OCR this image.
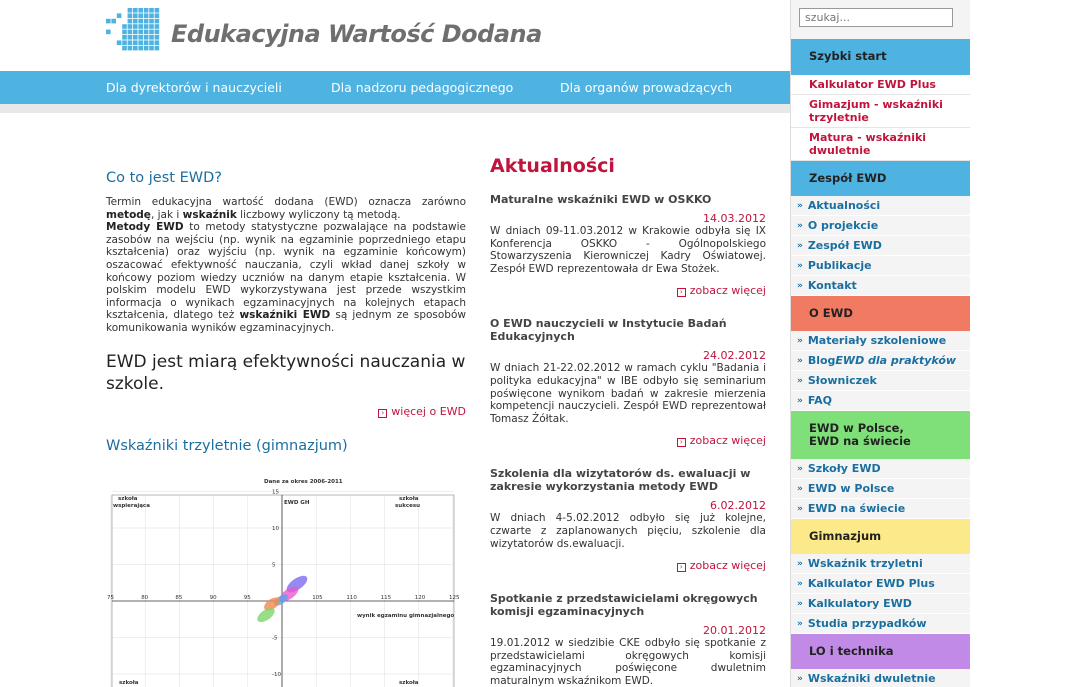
Edukacyjna Wartość Dodana
Dla dyrektorów i nauczycieli	Dla nadzoru pedagogicznego	Dla organów prowadzących
Co to jest EWD?

Termin edukacyjna wartość dodana (EWD) oznacza zarówno metodę, jak i wskaźnik liczbowy wyliczony tą metodą.
Metody EWD to metody statystyczne pozwalające na podstawie zasobów na wejściu (np. wynik na egzaminie poprzedniego etapu kształcenia) oraz wyjściu (np. wynik na egzaminie końcowym) oszacować efektywność nauczania, czyli wkład danej szkoły w końcowy poziom wiedzy uczniów na danym etapie kształcenia. W polskim modelu EWD wykorzystywana jest przede wszystkim informacja o wynikach egzaminacyjnych na kolejnych etapach kształcenia, dlatego też wskaźniki EWD są jednym ze sposobów komunikowania wyników egzaminacyjnych.

EWD jest miarą efektywności nauczania w szkole.
› więcej o EWD
Wskaźniki trzyletnie (gimnazjum)
Dane za okres 2006-2011
75	80	85	90	95	105	110	115	120	125
15
10
5
-5
-10
EWD GH
wynik egzaminu gimnazjalnego
szkoła wspierająca
szkoła sukcesu
szkoła	szkoła
Aktualności
Maturalne wskaźniki EWD w OSKKO
14.03.2012

W dniach 09-11.03.2012 w Krakowie odbyła się IX Konferencja OSKKO - Ogólnopolskiego Stowarzyszenia Kierowniczej Kadry Oświatowej. Zespół EWD reprezentowała dr Ewa Stożek.

› zobacz więcej
O EWD nauczycieli w Instytucie Badań Edukacyjnych
24.02.2012

W dniach 21-22.02.2012 w ramach cyklu "Badania i polityka edukacyjna" w IBE odbyło się seminarium poświęcone wynikom badań w zakresie mierzenia kompetencji nauczycieli. Zespół EWD reprezentował Tomasz Żółtak.

› zobacz więcej
Szkolenia dla wizytatorów ds. ewaluacji w zakresie wykorzystania metody EWD
6.02.2012

W dniach 4-5.02.2012 odbyło się już kolejne, czwarte z zaplanowanych pięciu, szkolenie dla wizytatorów ds.ewaluacji.

› zobacz więcej
Spotkanie z przedstawicielami okręgowych komisji egzaminacyjnych
20.01.2012

19.01.2012 w siedzibie CKE odbyło się spotkanie z przedstawicielami okręgowych komisji egzaminacyjnych poświęcone dwuletnim maturalnym wskaźnikom EWD.

szukaj...
Szybki start
Kalkulator EWD Plus
Gimazjum - wskaźniki trzyletnie
Matura - wskaźniki dwuletnie
Zespół EWD
» Aktualności
» O projekcie
» Zespół EWD
» Publikacje
» Kontakt
O EWD
» Materiały szkoleniowe
» Blog EWD dla praktyków
» Słowniczek
» FAQ
EWD w Polsce,
EWD na świecie
» Szkoły EWD
» EWD w Polsce
» EWD na świecie
Gimnazjum
» Wskaźnik trzyletni
» Kalkulator EWD Plus
» Kalkulatory EWD
» Studia przypadków
LO i technika
» Wskaźniki dwuletnie
